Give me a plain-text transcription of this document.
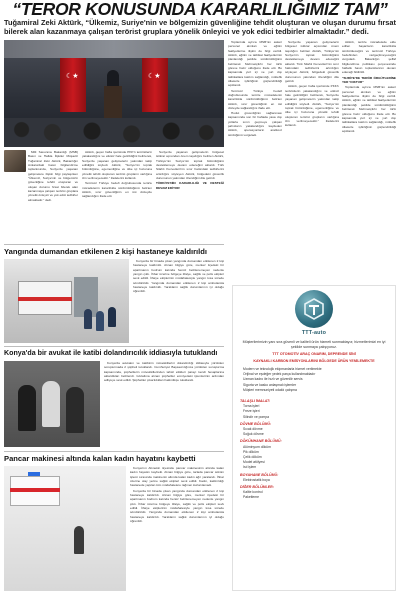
“TEROR KONUSUNDA KARARLILIĞIMIZ TAM”
Tuğamiral Zeki Aktürk, “Ülkemiz, Suriye'nin ve bölgemizin güvenliğine tehdit oluşturan ve oluşan durumu fırsat bilerek alan kazanmaya çalışan terörist gruplara yönelik önleyici ve yok edici tedbirler almaktadır.” dedi.
☾★
☾★

Toplantıda ayrıca MSB'nin askeri personel alımları ve eğitim faaliyetlerine ilişkin de bilgi verildi. Aktürk, eğitim ve tatbikat faaliyetlerinin planlandığı şekilde sürdürüldüğünü belirterek Mehmetçik'in her türlü göreve hazır olduğunu ifade etti. Bu kapsamda yurt içi ve yurt dışı tatbikatlara katılım sağlandığı, müttefik ülkelerle işbirliğinin güçlendirildiği açıklandı.

Terörsüz Türkiye hedefi doğrultusunda terörle mücadelenin kararlılıkla sürdürüldüğünü belirten Aktürk, sınır güvenliğinin en üst düzeyde sağlandığını ifade etti.

Hudut güvenliğinin sağlanması kapsamında son bir haftada yasa dışı yollarla sınırı geçmeye çalışan şahısların yakalandığını kaydeden Aktürk, operasyonların aralıksız sürdüğünü vurguladı.

Suriye'de yaşanan gelişmelerin bölgesel istikrar açısından önem taşıdığını belirten Aktürk, Türkiye'nin Suriye'nin toprak bütünlüğünü desteklemeye devam edeceğini aktardı. Türk Silahlı Kuvvetleri'nin sınır hattındaki tedbirlerini artırdığını söyleyen Aktürk, bölgedeki güvenlik durumunun yakından izlendiğini dile getirdi.

Aktürk, geçen hafta içerisinde PKK'lı teröristlerin yakalandığını ve etkisiz hale getirildiğini belirterek, Suriye'de yaşanan gelişmelerin yakından takip edildiğini söyledi. Aktürk, "Suriye'nin toprak bütünlüğüne, egemenliğine ve ülke içi huzuruna yönelik tehdit oluşturan terörist grupların varlığına izin verilmeyecektir." ifadelerini kullandı.

Aktürk, terörle mücadelede elde edilen başarıların kararlılıkla sürdürüleceğini ve terörsüz Türkiye hedefinden vazgeçilmeyeceğini vurguladı. Bakanlığın şeffaf bilgilendirme politikası çerçevesinde haftalık basın toplantılarının devam edeceği bildirildi.

"SURİYE'DE TERÖR ÖRGÜTLERİNE YER YOKTUR"

Toplantıda ayrıca MSB'nin askeri personel alımları ve eğitim faaliyetlerine ilişkin de bilgi verildi. Aktürk, eğitim ve tatbikat faaliyetlerinin planlandığı şekilde sürdürüldüğünü belirterek Mehmetçik'in her türlü göreve hazır olduğunu ifade etti. Bu kapsamda yurt içi ve yurt dışı tatbikatlara katılım sağlandığı, müttefik ülkelerle işbirliğinin güçlendirildiği açıklandı.

Milli Savunma Bakanlığı (MSB) Basın ve Halkla İlişkiler Müşaviri Tuğamiral Zeki Aktürk, Bakanlığın Ankara'daki basın bilgilendirme toplantısında, Suriye'de yaşanan gelişmelere ilişkin bilgi paylaşırken "Ülkemiz, Suriye'nin ve bölgemizin güvenliğine tehdit oluşturan ve oluşan durumu fırsat bilerek alan kazanmaya çalışan terörist gruplara yönelik önleyici ve yok edici tedbirler almaktadır." dedi.

Aktürk, geçen hafta içerisinde PKK'lı teröristlerin yakalandığını ve etkisiz hale getirildiğini belirterek, Suriye'de yaşanan gelişmelerin yakından takip edildiğini söyledi. Aktürk, "Suriye'nin toprak bütünlüğüne, egemenliğine ve ülke içi huzuruna yönelik tehdit oluşturan terörist grupların varlığına izin verilmeyecektir." ifadelerini kullandı.

Terörsüz Türkiye hedefi doğrultusunda terörle mücadelenin kararlılıkla sürdürüldüğünü belirten Aktürk, sınır güvenliğinin en üst düzeyde sağlandığını ifade etti.

Suriye'de yaşanan gelişmelerin bölgesel istikrar açısından önem taşıdığını belirten Aktürk, Türkiye'nin Suriye'nin toprak bütünlüğünü desteklemeye devam edeceğini aktardı. Türk Silahlı Kuvvetleri'nin sınır hattındaki tedbirlerini artırdığını söyleyen Aktürk, bölgedeki güvenlik durumunun yakından izlendiğini dile getirdi.

TÜRKİYE'NİN KARARLILIĞI VE DESTEĞİ DEVAM EDİYOR

Yangında dumandan etkilenen 2 kişi hastaneye kaldırıldı

Konya'da bir binada çıkan yangında dumandan etkilenen 2 kişi hastaneye kaldırıldı. Alınan bilgiye göre, merkez ilçedeki bir apartmanın bodrum katında henüz belirlenemeyen nedenle yangın çıktı. İhbar üzerine bölgeye itfaiye, sağlık ve polis ekipleri sevk edildi. İtfaiye ekiplerinin müdahalesiyle yangın kısa sürede söndürüldü. Yangında dumandan etkilenen 2 kişi ambulansla hastaneye kaldırıldı. Yaralıların sağlık durumlarının iyi olduğu öğrenildi.

Konya'da bir avukat ile katibi dolandırıcılık iddiasıyla tutuklandı

Konya'da avukatın ve katibinin müvekkillerini dolandırdığı iddiasıyla yürütülen soruşturmada 2 şüpheli tutuklandı. Cumhuriyet Başsavcılığınca yürütülen soruşturma kapsamında, şüphelilerin müvekkillerinden tahsil ettikleri parayı kendi hesaplarına aktardıkları belirlendi. Gözaltına alınan şüpheliler emniyetteki işlemlerinin ardından adliyeye sevk edildi. Şüpheliler çıkarıldıkları hakimlikçe tutuklandı.

Pancar makinesi altında kalan kadın hayatını kaybetti

Konya'nın Altınekin ilçesinde pancar makinesinin altında kalan kadın hayatını kaybetti. Alınan bilgiye göre, tarlada pancar söküm işlemi sırasında makinenin altında kalan kadın ağır yaralandı. İhbar üzerine olay yerine sağlık ekipleri sevk edildi. Kadın, kaldırıldığı hastanede yapılan tüm müdahalelere rağmen kurtarılamadı.

Konya'da bir binada çıkan yangında dumandan etkilenen 2 kişi hastaneye kaldırıldı. Alınan bilgiye göre, merkez ilçedeki bir apartmanın bodrum katında henüz belirlenemeyen nedenle yangın çıktı. İhbar üzerine bölgeye itfaiye, sağlık ve polis ekipleri sevk edildi. İtfaiye ekiplerinin müdahalesiyle yangın kısa sürede söndürüldü. Yangında dumandan etkilenen 2 kişi ambulansla hastaneye kaldırıldı. Yaralıların sağlık durumlarının iyi olduğu öğrenildi.

TTT-auto
Müşterilerimizin yanı sıra güvenli ve kaliteli ürün hizmeti sunmaktayız; hizmetlerimizi en iyi şekilde sunmaya çalışıyoruz.
TTT OTOMOTİV ARAÇ ONARIM, DEPRENDE SİNİ
KAYNAKLI KARBON EMİSYONLARINI BÖLGEDE ÜRÜN YENİLEMEKTE
Modern ve teknolojik ekipmanlarla hizmet verilmekte
Orijinal ve eşdeğer yedek parça kullanılmaktadır
Uzman kadro ile hızlı ve güvenilir servis
Sigorta ve kasko anlaşmalı işlemler
Müşteri memnuniyeti odaklı çalışma
TALAŞLI İMALAT:
Torna işleri
Freze işleri
Silindir ve pompa
DÖVME BÖLÜMÜ:
Sıcak dövme
Soğuk dövme
DÖKÜMHANE BÖLÜMÜ:
Alüminyum döküm
Pik döküm
Çelik döküm
Model atölyesi
Isıl işlem
BOYAHANE BÖLÜMÜ:
Elektrostatik boya
DİĞER BÖLÜMLER:
Kalite kontrol
Paketleme
